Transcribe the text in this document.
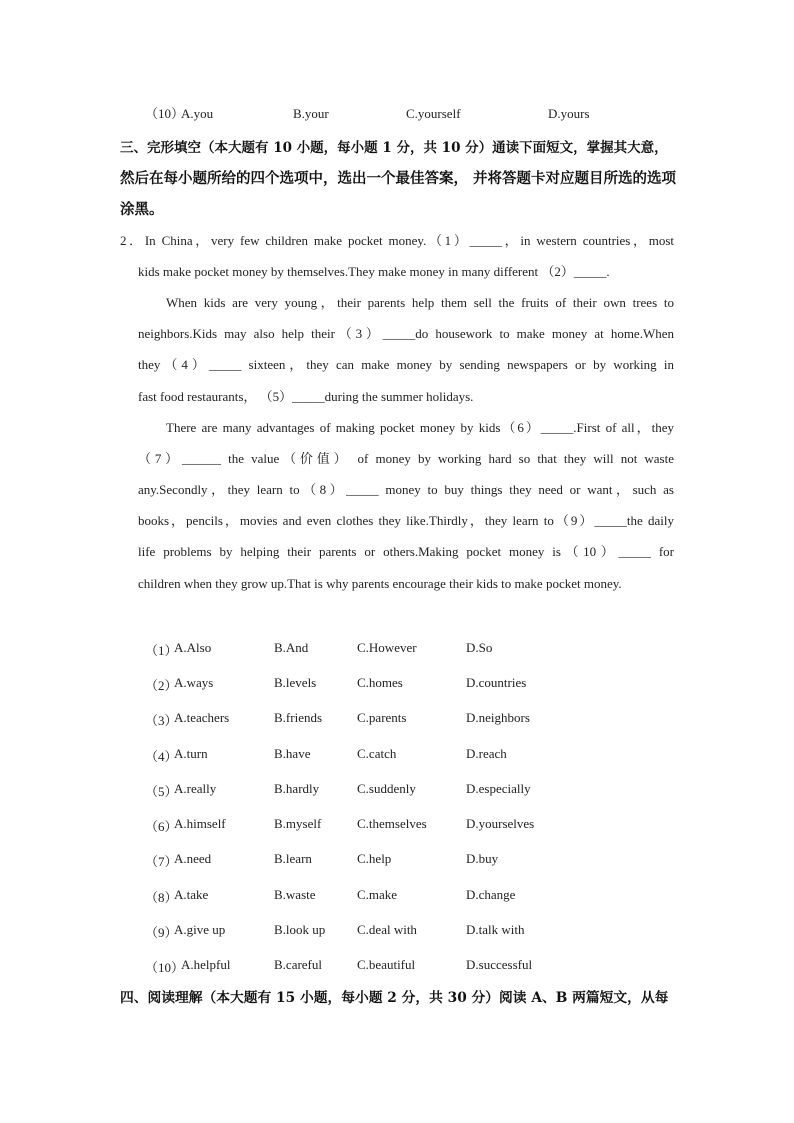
（10）
A.you	B.your	C.yourself	D.yours
三、完形填空（本大题有 10 小题，每小题 1 分，共 10 分）通读下面短文，掌握其大意，
然后在每小题所给的四个选项中，选出一个最佳答案， 并将答题卡对应题目所选的选项
涂黑。
2．In China，very few children make pocket money.（1）_____，in western countries，most
kids make pocket money by themselves.They make money in many different （2）_____.
When kids are very young，their parents help them sell the fruits of their own trees to
neighbors.Kids may also help their（3）_____do housework to make money at home.When
they（4）_____ sixteen，they can make money by sending newspapers or by working in
fast food restaurants， （5）_____during the summer holidays.
There are many advantages of making pocket money by kids（6）_____.First of all，they
（7）______ the value（价值） of money by working hard so that they will not waste
any.Secondly，they learn to（8）_____ money to buy things they need or want，such as
books，pencils，movies and even clothes they like.Thirdly，they learn to（9）_____the daily
life problems by helping their parents or others.Making pocket money is（10）_____ for
children when they grow up.That is why parents encourage their kids to make pocket money.
（1）
A.Also	B.And	C.However	D.So
（2）
A.ways	B.levels	C.homes	D.countries
（3）
A.teachers	B.friends	C.parents	D.neighbors
（4）
A.turn	B.have	C.catch	D.reach
（5）
A.really	B.hardly	C.suddenly	D.especially
（6）
A.himself	B.myself	C.themselves	D.yourselves
（7）
A.need	B.learn	C.help	D.buy
（8）
A.take	B.waste	C.make	D.change
（9）
A.give up	B.look up C.deal with	D.talk with
（10）
A.helpful	B.careful	C.beautiful	D.successful
四、阅读理解（本大题有 15 小题，每小题 2 分，共 30 分）阅读 A、B 两篇短文，从每
